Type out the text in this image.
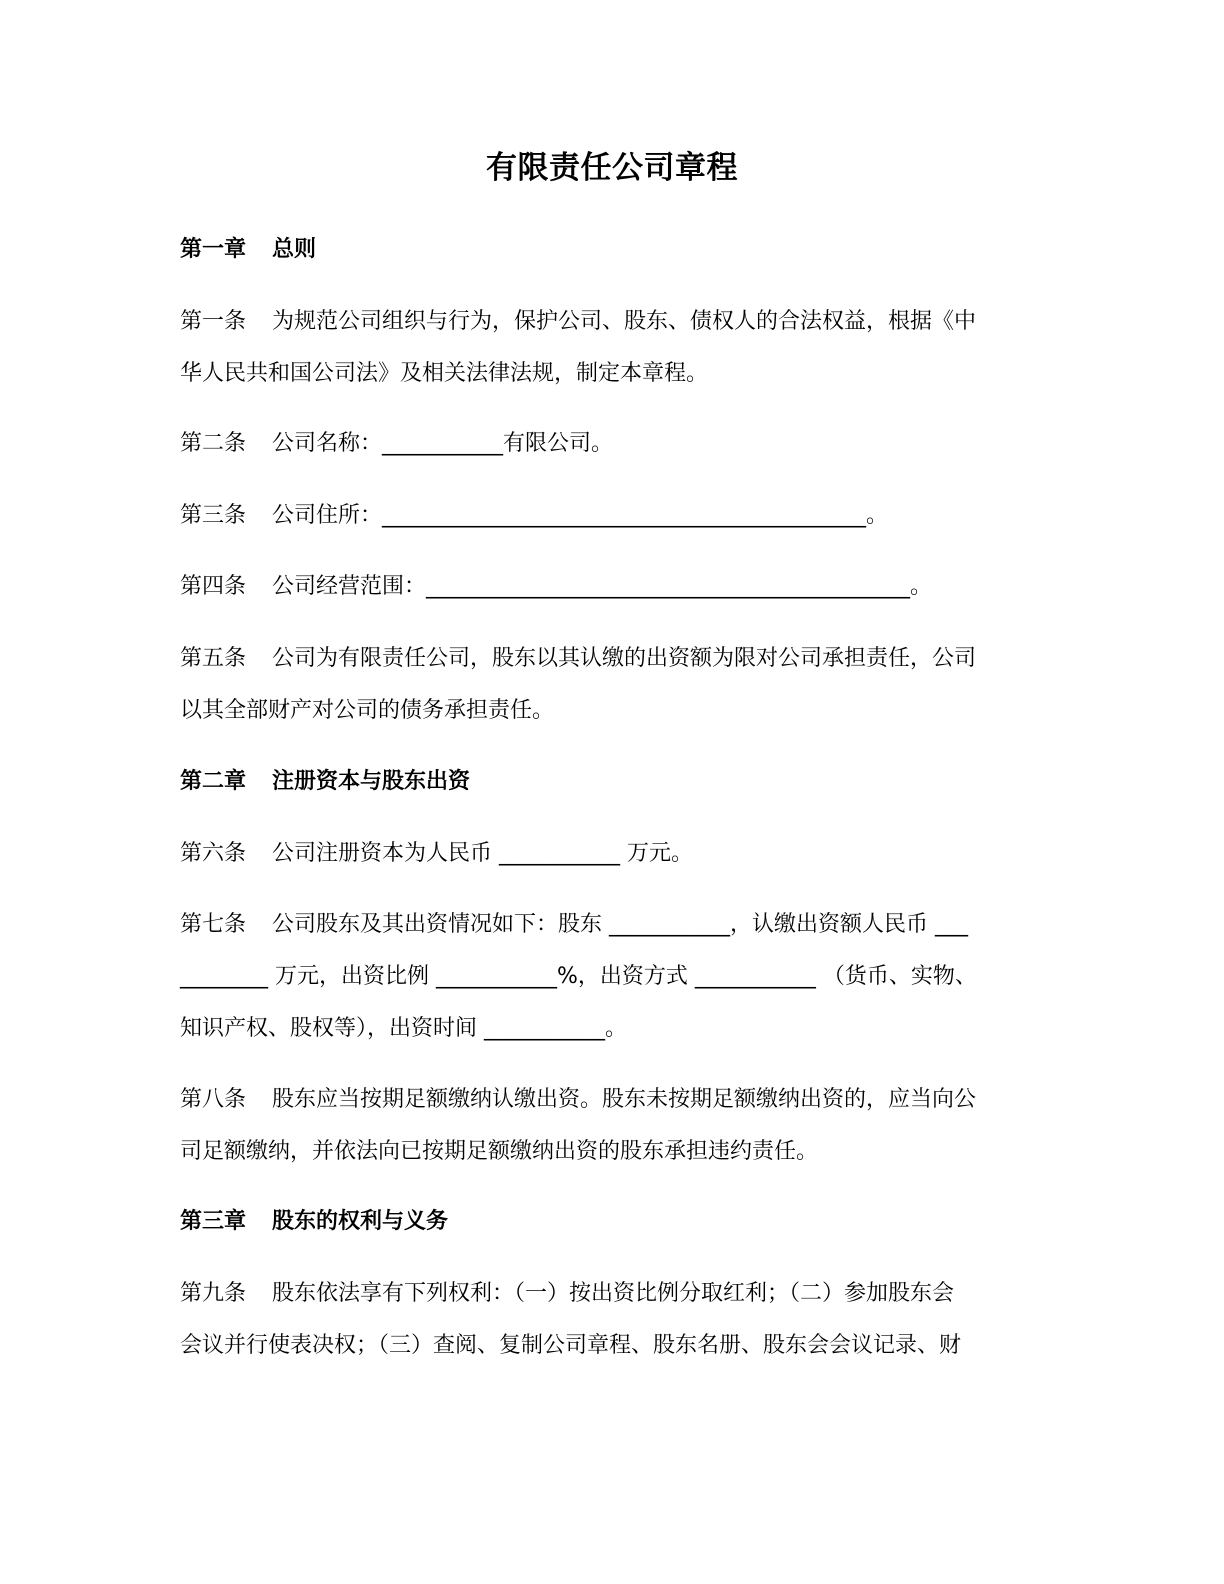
有限责任公司章程
第一章 总则
第一条 为规范公司组织与行为，保护公司、股东、债权人的合法权益，根据《中
华人民共和国公司法》及相关法律法规，制定本章程。
第二条 公司名称：___________有限公司。
第三条 公司住所：____________________________________________。
第四条 公司经营范围：____________________________________________。
第五条 公司为有限责任公司，股东以其认缴的出资额为限对公司承担责任，公司
以其全部财产对公司的债务承担责任。
第二章 注册资本与股东出资
第六条 公司注册资本为人民币 ___________ 万元。
第七条 公司股东及其出资情况如下：股东 ___________，认缴出资额人民币 ___
________ 万元，出资比例 ___________%，出资方式 ___________ （货币、实物、
知识产权、股权等），出资时间 ___________。
第八条 股东应当按期足额缴纳认缴出资。股东未按期足额缴纳出资的，应当向公
司足额缴纳，并依法向已按期足额缴纳出资的股东承担违约责任。
第三章 股东的权利与义务
第九条 股东依法享有下列权利：（一）按出资比例分取红利；（二）参加股东会
会议并行使表决权；（三）查阅、复制公司章程、股东名册、股东会会议记录、财
